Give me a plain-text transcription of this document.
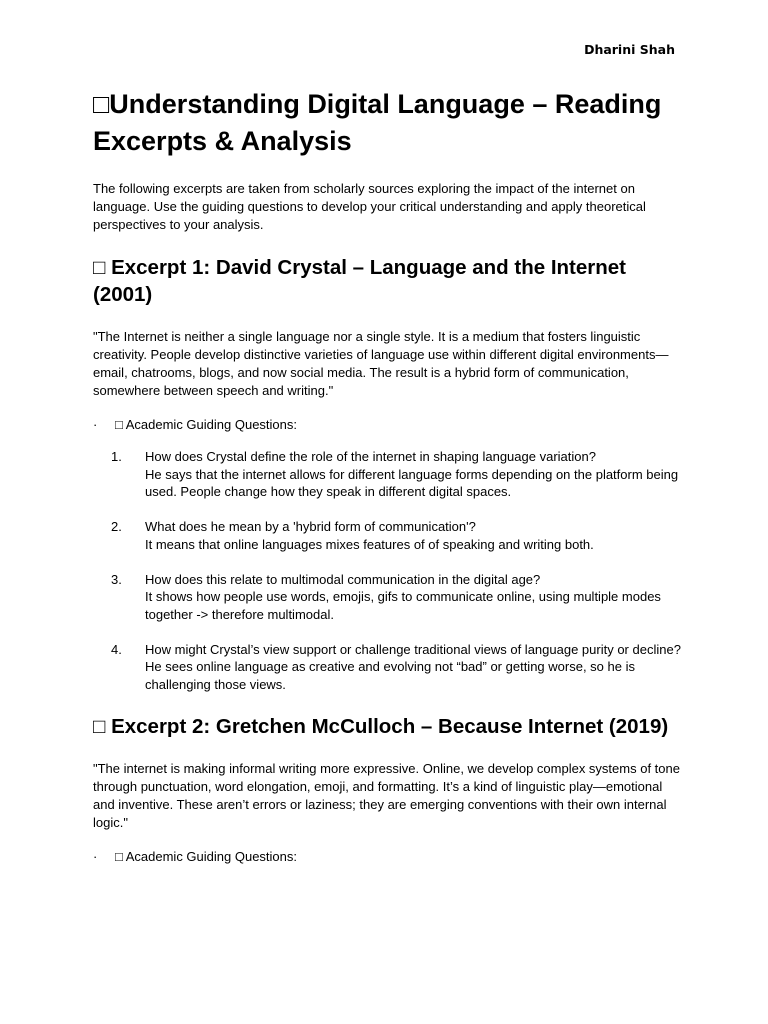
Dharini Shah
□Understanding Digital Language – Reading Excerpts & Analysis

The following excerpts are taken from scholarly sources exploring the impact of the internet on language. Use the guiding questions to develop your critical understanding and apply theoretical perspectives to your analysis.

□ Excerpt 1: David Crystal – Language and the Internet (2001)

"The Internet is neither a single language nor a single style. It is a medium that fosters linguistic creativity. People develop distinctive varieties of language use within different digital environments—email, chatrooms, blogs, and now social media. The result is a hybrid form of communication, somewhere between speech and writing."

·	□ Academic Guiding Questions:
1.	How does Crystal define the role of the internet in shaping language variation?
He says that the internet allows for different language forms depending on the platform being used. People change how they speak in different digital spaces.
2.	What does he mean by a 'hybrid form of communication'?
It means that online languages mixes features of of speaking and writing both.
3.	How does this relate to multimodal communication in the digital age?
It shows how people use words, emojis, gifs to communicate online, using multiple modes together -> therefore multimodal.
4.	How might Crystal’s view support or challenge traditional views of language purity or decline?
He sees online language as creative and evolving not “bad” or getting worse, so he is challenging those views.
□ Excerpt 2: Gretchen McCulloch – Because Internet (2019)

"The internet is making informal writing more expressive. Online, we develop complex systems of tone through punctuation, word elongation, emoji, and formatting. It’s a kind of linguistic play—emotional and inventive. These aren’t errors or laziness; they are emerging conventions with their own internal logic."

·	□ Academic Guiding Questions:
